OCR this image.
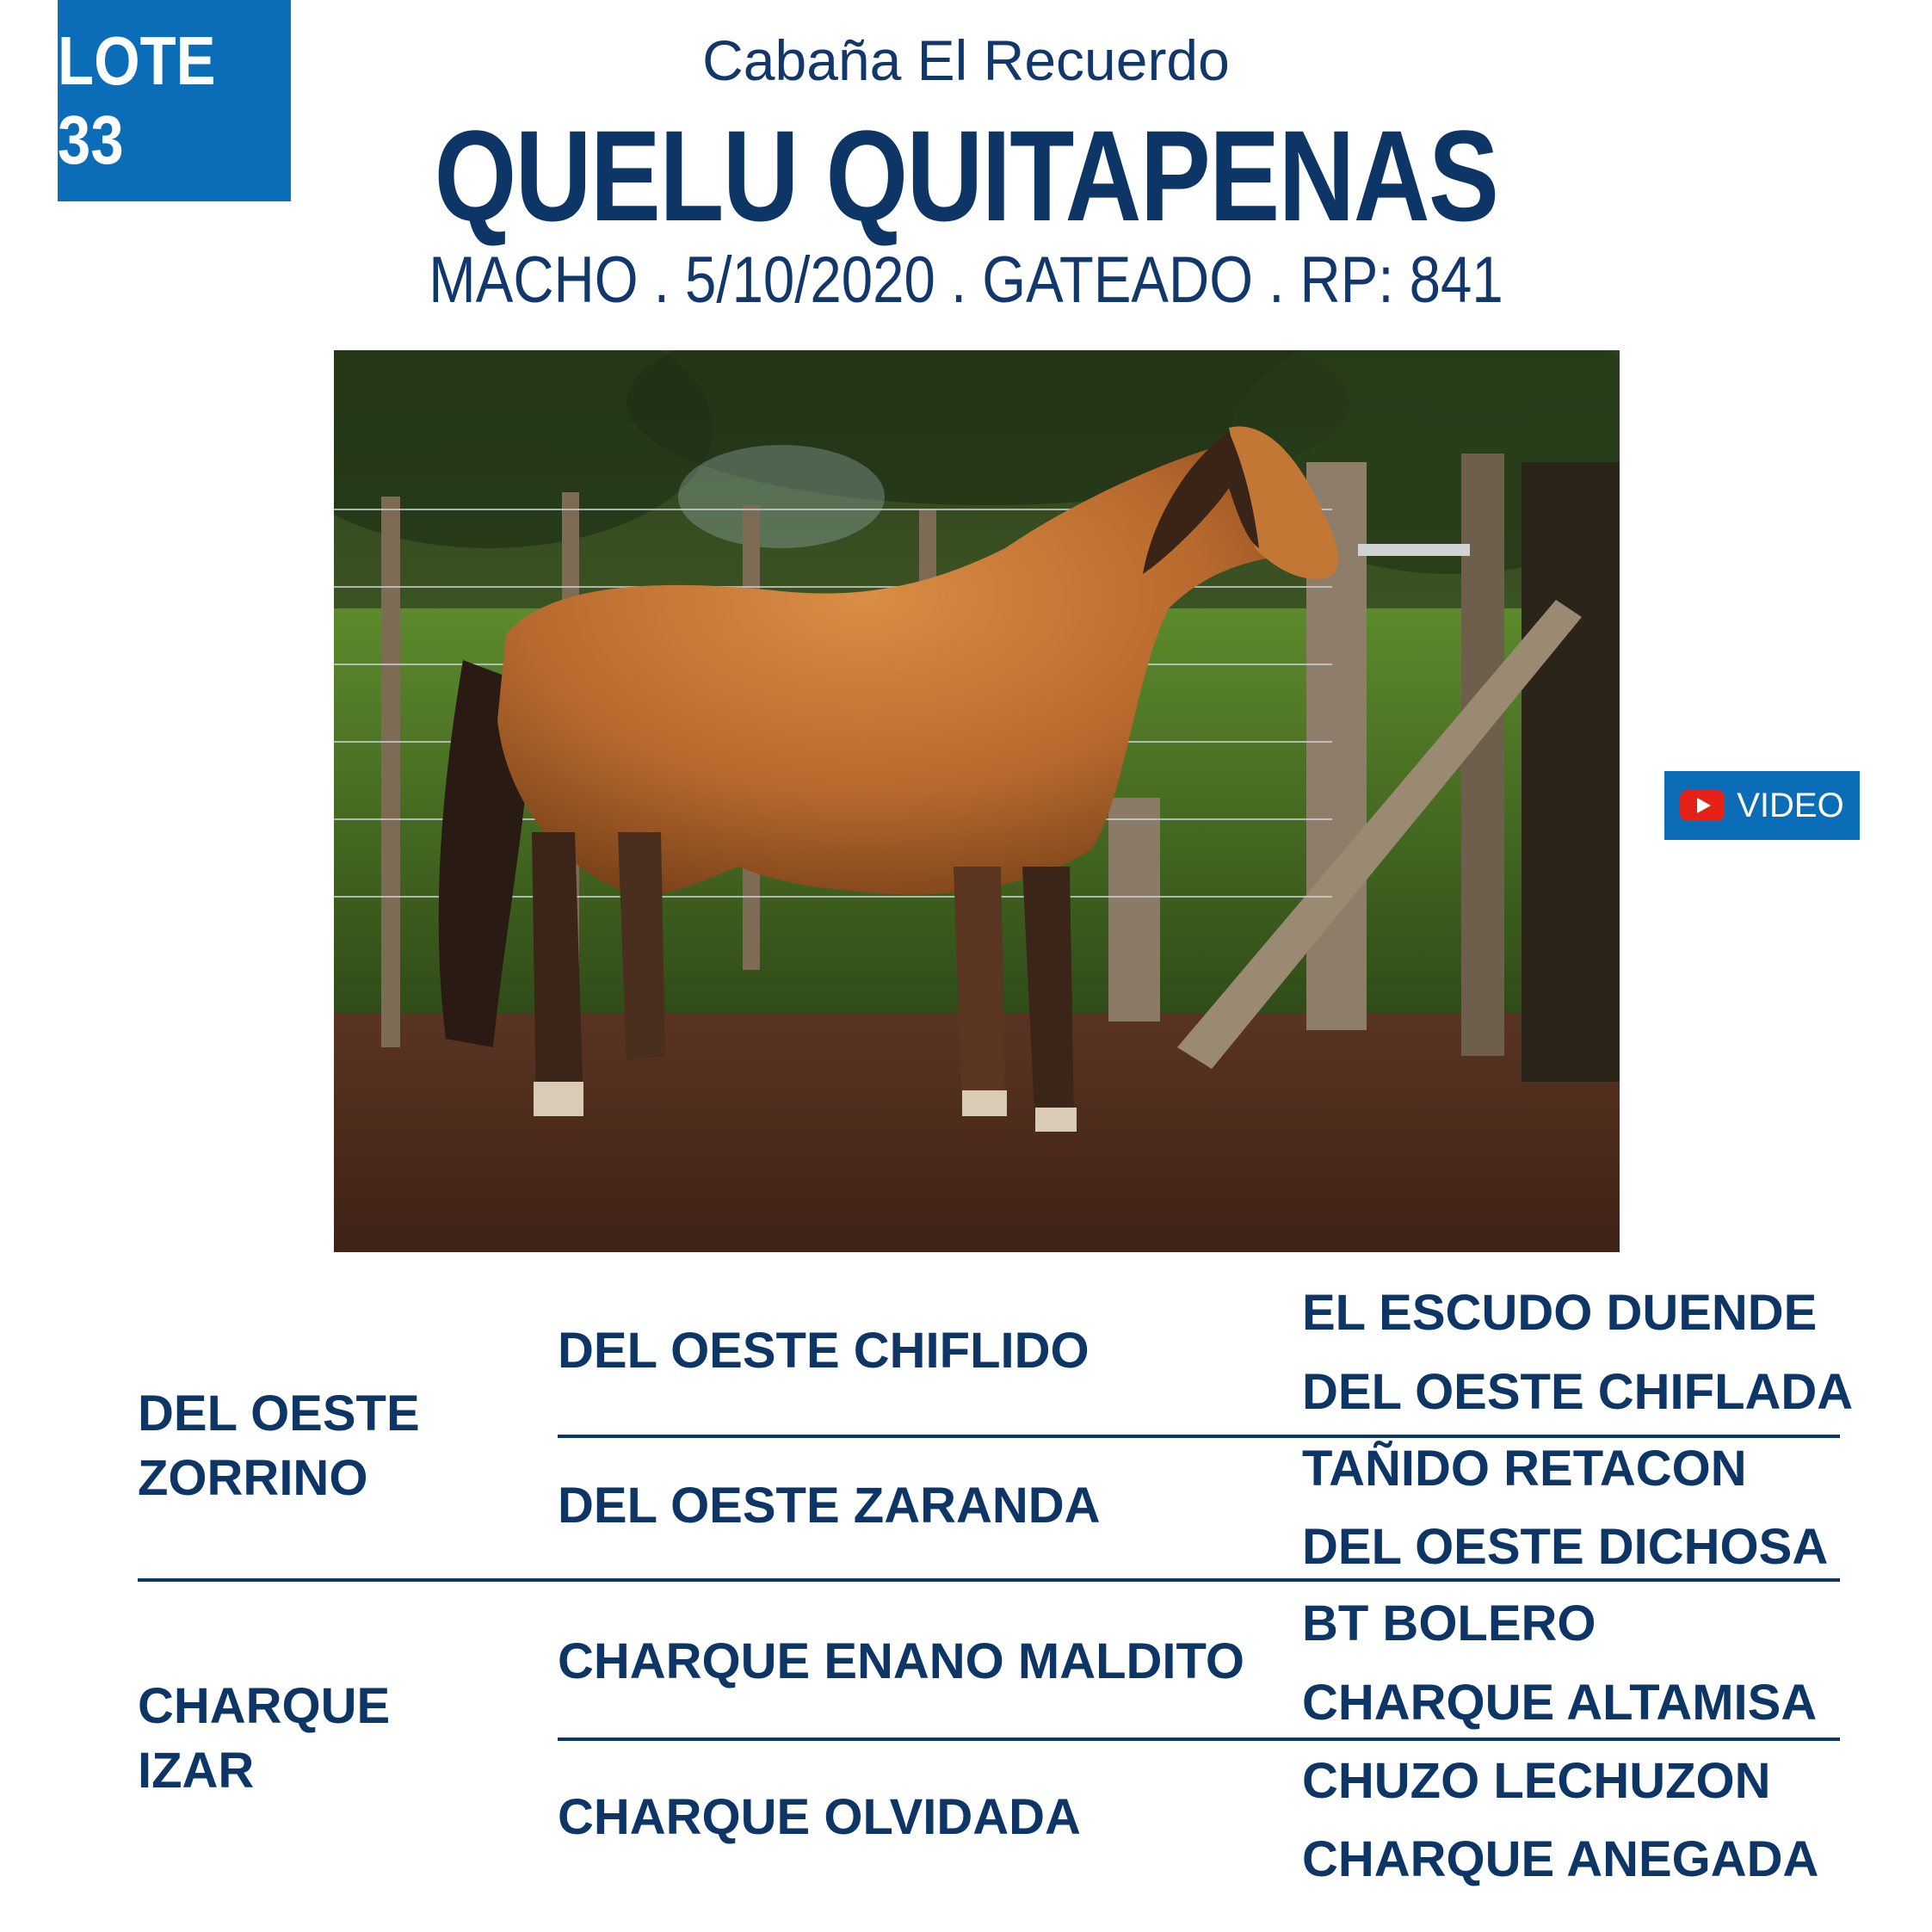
LOTE 33
Cabaña El Recuerdo
QUELU QUITAPENAS
MACHO . 5/10/2020 . GATEADO . RP: 841
VIDEO
DEL OESTE
ZORRINO
CHARQUE
IZAR
DEL OESTE CHIFLIDO
DEL OESTE ZARANDA
CHARQUE ENANO MALDITO
CHARQUE OLVIDADA
EL ESCUDO DUENDE
DEL OESTE CHIFLADA
TAÑIDO RETACON
DEL OESTE DICHOSA
BT BOLERO
CHARQUE ALTAMISA
CHUZO LECHUZON
CHARQUE ANEGADA
